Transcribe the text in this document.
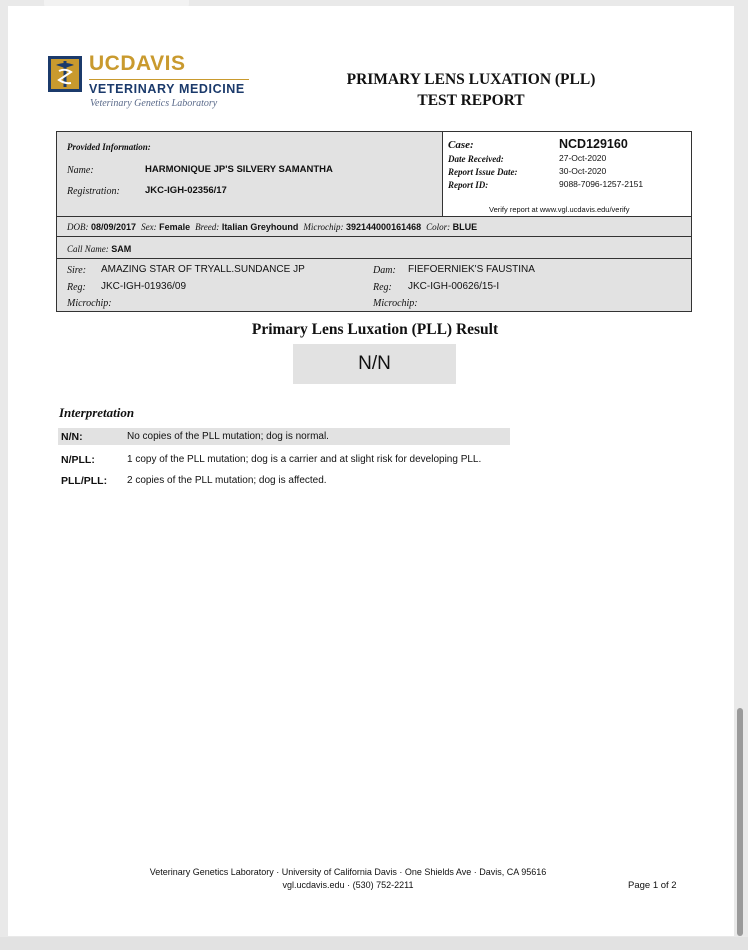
UCDAVIS
VETERINARY MEDICINE
Veterinary Genetics Laboratory
PRIMARY LENS LUXATION (PLL)
TEST REPORT
Provided Information:
Name:	HARMONIQUE JP'S SILVERY SAMANTHA
Registration:	JKC-IGH-02356/17
Case:	NCD129160
Date Received:	27-Oct-2020
Report Issue Date:	30-Oct-2020
Report ID:	9088-7096-1257-2151
Verify report at www.vgl.ucdavis.edu/verify
DOB: 08/09/2017 Sex: Female Breed: Italian Greyhound Microchip: 392144000161468 Color: BLUE
Call Name: SAM
Sire: AMAZING STAR OF TRYALL.SUNDANCE JP
Reg: JKC-IGH-01936/09
Microchip:
Dam: FIEFOERNIEK'S FAUSTINA
Reg: JKC-IGH-00626/15-I
Microchip:
Primary Lens Luxation (PLL) Result
N/N
Interpretation
N/N:	No copies of the PLL mutation; dog is normal.
N/PLL:	1 copy of the PLL mutation; dog is a carrier and at slight risk for developing PLL.
PLL/PLL: 2 copies of the PLL mutation; dog is affected.
Veterinary Genetics Laboratory · University of California Davis · One Shields Ave · Davis, CA 95616
vgl.ucdavis.edu · (530) 752-2211	Page 1 of 2
